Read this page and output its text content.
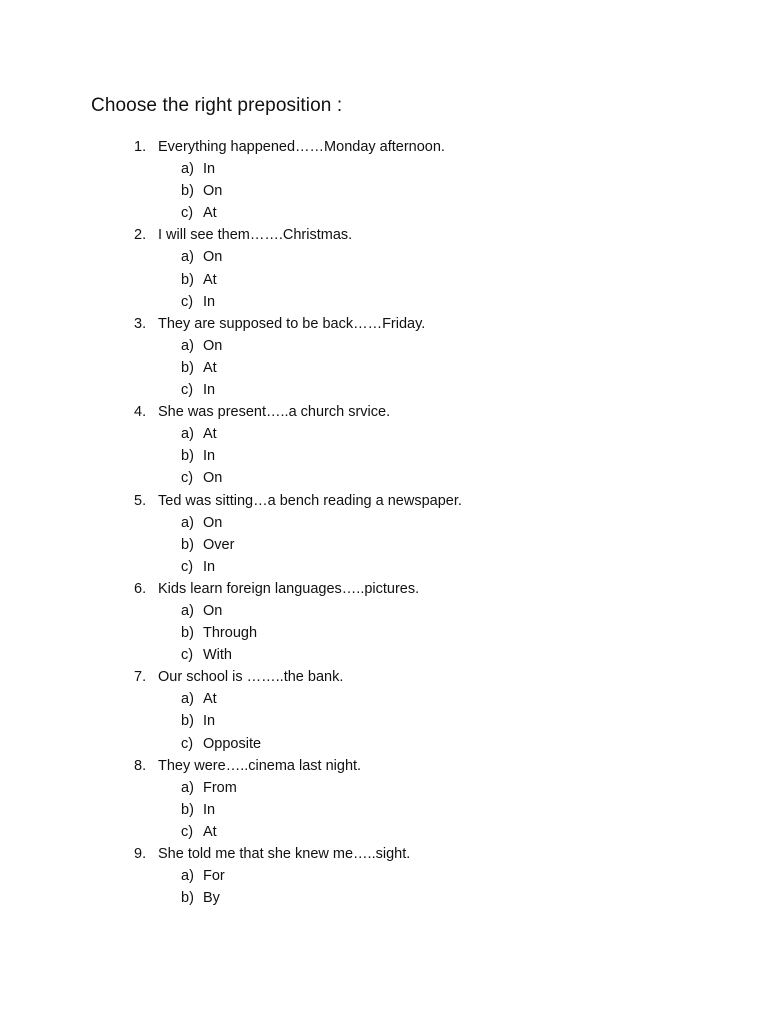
Choose the right preposition :
1. Everything happened……Monday afternoon.
a) In
b) On
c) At
2. I will see them…….Christmas.
a) On
b) At
c) In
3. They are supposed to be back……Friday.
a) On
b) At
c) In
4. She was present…..a church srvice.
a) At
b) In
c) On
5. Ted was sitting…a bench reading a newspaper.
a) On
b) Over
c) In
6. Kids learn foreign languages…..pictures.
a) On
b) Through
c) With
7. Our school is ……..the bank.
a) At
b) In
c) Opposite
8. They were…..cinema last night.
a) From
b) In
c) At
9. She told me that she knew me…..sight.
a) For
b) By
